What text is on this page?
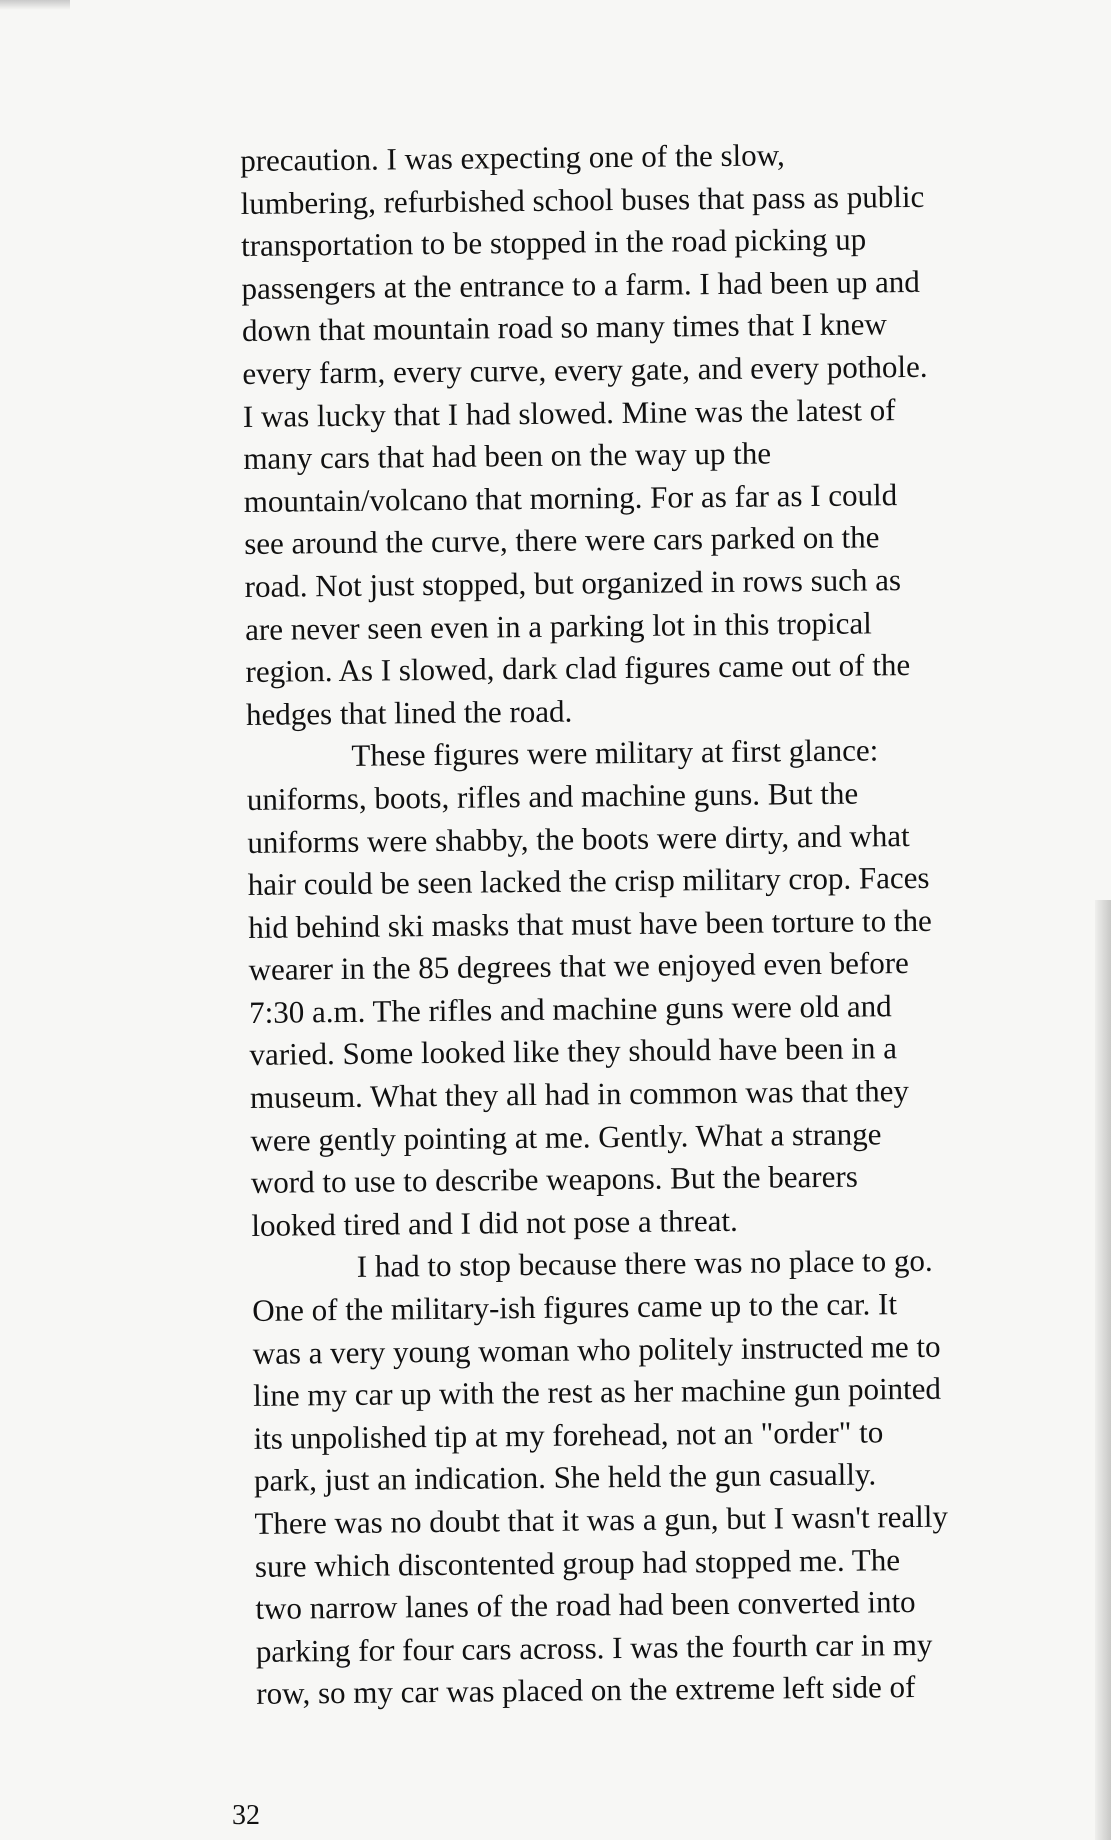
precaution. I was expecting one of the slow,
lumbering, refurbished school buses that pass as public
transportation to be stopped in the road picking up
passengers at the entrance to a farm. I had been up and
down that mountain road so many times that I knew
every farm, every curve, every gate, and every pothole.
I was lucky that I had slowed. Mine was the latest of
many cars that had been on the way up the
mountain/volcano that morning. For as far as I could
see around the curve, there were cars parked on the
road. Not just stopped, but organized in rows such as
are never seen even in a parking lot in this tropical
region. As I slowed, dark clad figures came out of the
hedges that lined the road.
These figures were military at first glance:
uniforms, boots, rifles and machine guns. But the
uniforms were shabby, the boots were dirty, and what
hair could be seen lacked the crisp military crop. Faces
hid behind ski masks that must have been torture to the
wearer in the 85 degrees that we enjoyed even before
7:30 a.m. The rifles and machine guns were old and
varied. Some looked like they should have been in a
museum. What they all had in common was that they
were gently pointing at me. Gently. What a strange
word to use to describe weapons. But the bearers
looked tired and I did not pose a threat.
I had to stop because there was no place to go.
One of the military-ish figures came up to the car. It
was a very young woman who politely instructed me to
line my car up with the rest as her machine gun pointed
its unpolished tip at my forehead, not an "order" to
park, just an indication. She held the gun casually.
There was no doubt that it was a gun, but I wasn't really
sure which discontented group had stopped me. The
two narrow lanes of the road had been converted into
parking for four cars across. I was the fourth car in my
row, so my car was placed on the extreme left side of
32
